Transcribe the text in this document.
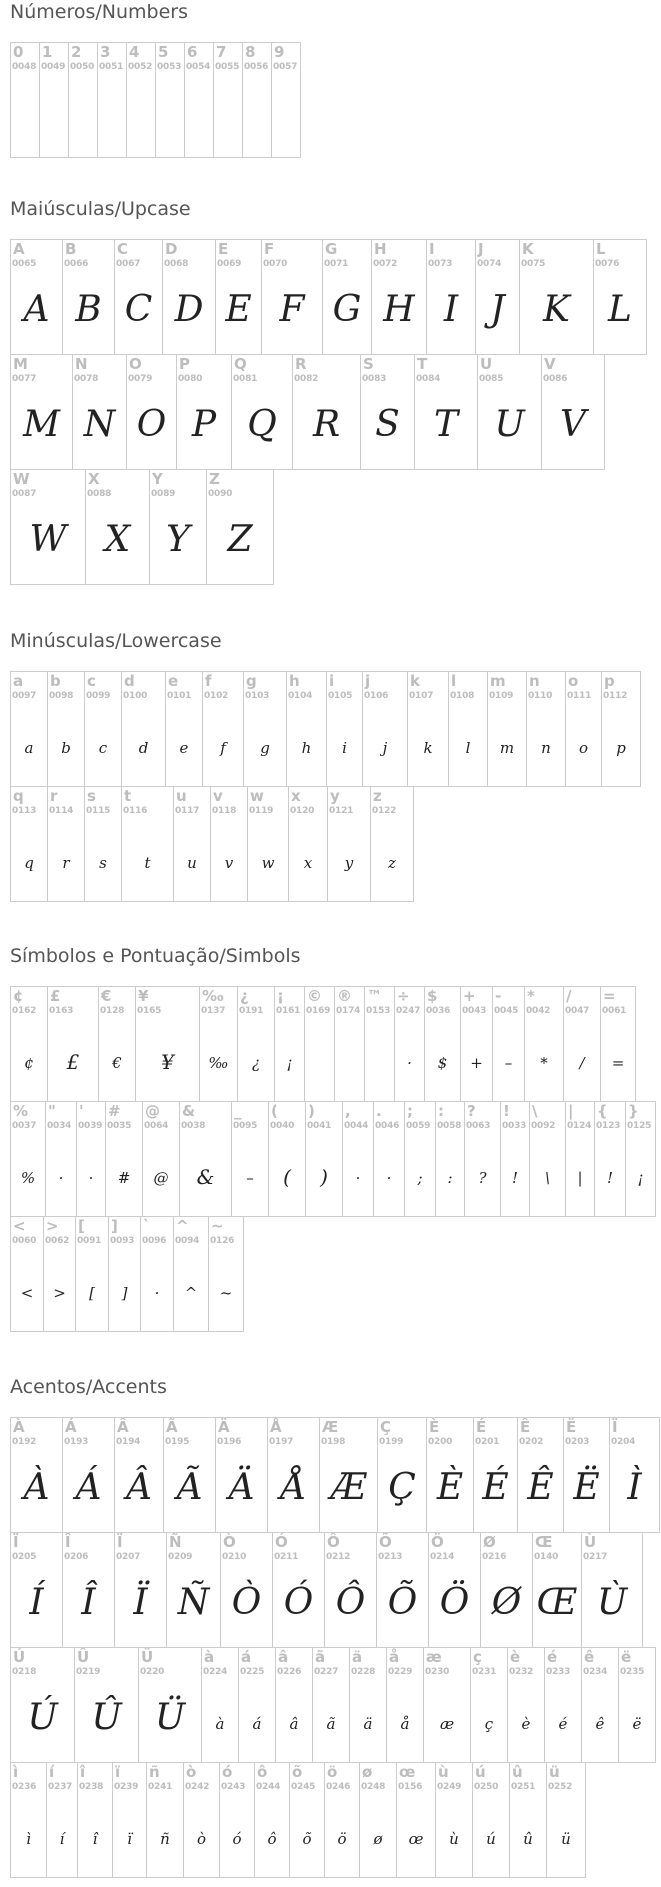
Números/Numbers
0
0048
1
0049
2
0050
3
0051
4
0052
5
0053
6
0054
7
0055
8
0056
9
0057
Maiúsculas/Upcase
A
0065
A
B
0066
B
C
0067
C
D
0068
D
E
0069
E
F
0070
F
G
0071
G
H
0072
H
I
0073
I
J
0074
J
K
0075
K
L
0076
L
M
0077
M
N
0078
N
O
0079
O
P
0080
P
Q
0081
Q
R
0082
R
S
0083
S
T
0084
T
U
0085
U
V
0086
V
W
0087
W
X
0088
X
Y
0089
Y
Z
0090
Z
Minúsculas/Lowercase
a
0097
a
b
0098
b
c
0099
c
d
0100
d
e
0101
e
f
0102
f
g
0103
g
h
0104
h
i
0105
i
j
0106
j
k
0107
k
l
0108
l
m
0109
m
n
0110
n
o
0111
o
p
0112
p
q
0113
q
r
0114
r
s
0115
s
t
0116
t
u
0117
u
v
0118
v
w
0119
w
x
0120
x
y
0121
y
z
0122
z
Símbolos e Pontuação/Simbols
¢
0162
¢
£
0163
£
€
0128
€
¥
0165
¥
‰
0137
‰
¿
0191
¿
¡
0161
¡
©
0169
®
0174
™
0153
÷
0247
·
$
0036
$
+
0043
+
-
0045
–
*
0042
*
/
0047
/
=
0061
=
%
0037
%
"
0034
·
'
0039
·
#
0035
#
@
0064
@
&
0038
&
_
0095
–
(
0040
(
)
0041
)
,
0044
·
.
0046
·
;
0059
;
:
0058
:
?
0063
?
!
0033
!
\
0092
\
|
0124
|
{
0123
!
}
0125
¡
<
0060
<
>
0062
>
[
0091
[
]
0093
]
`
0096
·
^
0094
^
~
0126
~
Acentos/Accents
À
0192
À
Á
0193
Á
Â
0194
Â
Ã
0195
Ã
Ä
0196
Ä
Å
0197
Å
Æ
0198
Æ
Ç
0199
Ç
È
0200
È
É
0201
É
Ê
0202
Ê
Ë
0203
Ë
Ï
0204
Ì
Ï
0205
Í
Î
0206
Î
Ï
0207
Ï
Ñ
0209
Ñ
Ò
0210
Ò
Ó
0211
Ó
Ô
0212
Ô
Õ
0213
Õ
Ö
0214
Ö
Ø
0216
Ø
Œ
0140
Œ
Ù
0217
Ù
Ú
0218
Ú
Û
0219
Û
Ü
0220
Ü
à
0224
à
á
0225
á
â
0226
â
ã
0227
ã
ä
0228
ä
å
0229
å
æ
0230
æ
ç
0231
ç
è
0232
è
é
0233
é
ê
0234
ê
ë
0235
ë
ì
0236
ì
í
0237
í
î
0238
î
ï
0239
ï
ñ
0241
ñ
ò
0242
ò
ó
0243
ó
ô
0244
ô
õ
0245
õ
ö
0246
ö
ø
0248
ø
œ
0156
œ
ù
0249
ù
ú
0250
ú
û
0251
û
ü
0252
ü
